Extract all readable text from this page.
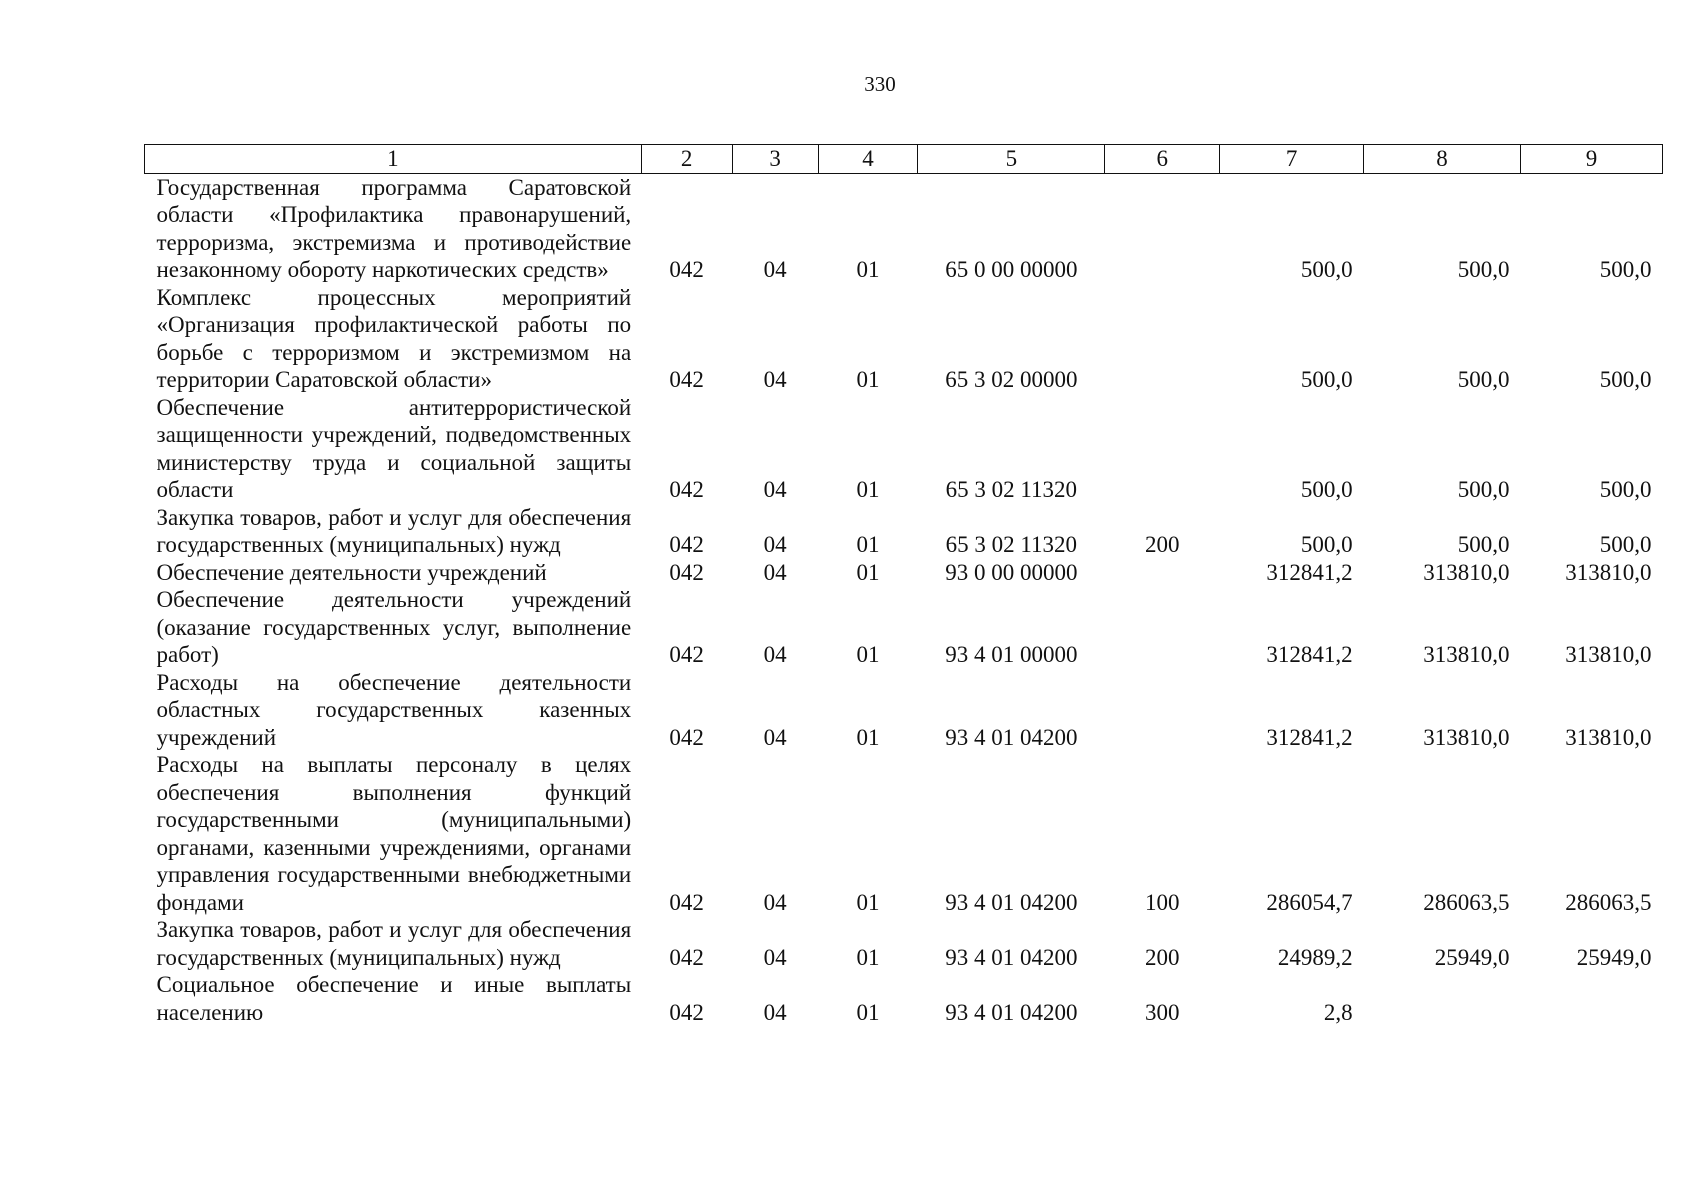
330
1	2	3	4	5	6	7	8	9
Государственная программа Саратовской области «Профилактика правонарушений, терроризма, экстремизма и противодействие незаконному обороту наркотических средств»	042	04	01	65 0 00 00000		500,0	500,0	500,0
Комплекс процессных мероприятий «Организация профилактической работы по борьбе с терроризмом и экстремизмом на территории Саратовской области»	042	04	01	65 3 02 00000		500,0	500,0	500,0
Обеспечение антитеррористической защищенности учреждений, подведомственных министерству труда и социальной защиты области	042	04	01	65 3 02 11320		500,0	500,0	500,0
Закупка товаров, работ и услуг для обеспечения государственных (муниципальных) нужд	042	04	01	65 3 02 11320	200	500,0	500,0	500,0
Обеспечение деятельности учреждений	042	04	01	93 0 00 00000		312841,2	313810,0	313810,0
Обеспечение деятельности учреждений (оказание государственных услуг, выполнение работ)	042	04	01	93 4 01 00000		312841,2	313810,0	313810,0
Расходы на обеспечение деятельности областных государственных казенных учреждений	042	04	01	93 4 01 04200		312841,2	313810,0	313810,0
Расходы на выплаты персоналу в целях обеспечения выполнения функций государственными (муниципальными) органами, казенными учреждениями, органами управления государственными внебюджетными фондами	042	04	01	93 4 01 04200	100	286054,7	286063,5	286063,5
Закупка товаров, работ и услуг для обеспечения государственных (муниципальных) нужд	042	04	01	93 4 01 04200	200	24989,2	25949,0	25949,0
Социальное обеспечение и иные выплаты населению	042	04	01	93 4 01 04200	300	2,8		
